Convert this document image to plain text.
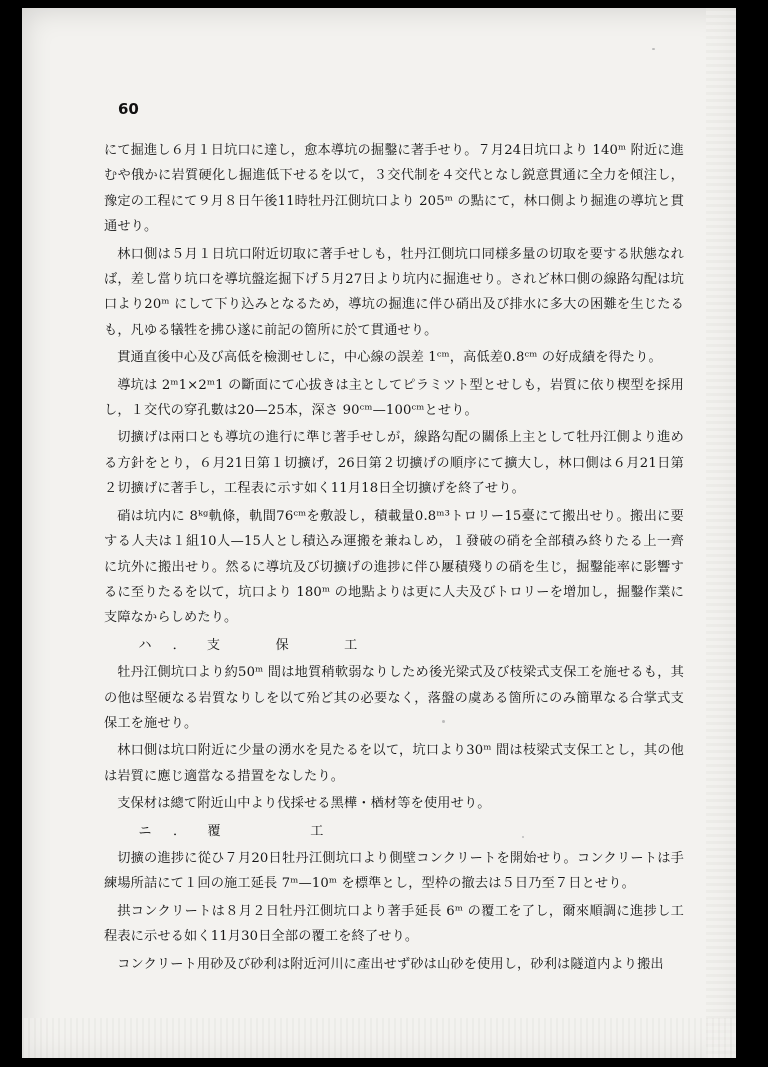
60

にて掘進し６月１日坑口に達し，愈本導坑の掘鑿に著手せり。７月24日坑口より 140ᵐ 附近に進むや俄かに岩質硬化し掘進低下せるを以て，３交代制を４交代となし鋭意貫通に全力を傾注し，豫定の工程にて９月８日午後11時牡丹江側坑口より 205ᵐ の點にて，林口側より掘進の導坑と貫通せり。

林口側は５月１日坑口附近切取に著手せしも，牡丹江側坑口同様多量の切取を要する狀態なれば，差し當り坑口を導坑盤迄掘下げ５月27日より坑内に掘進せり。されど林口側の線路勾配は坑口より20ᵐ にして下り込みとなるため，導坑の掘進に伴ひ硝出及び排水に多大の困難を生じたるも，凡ゆる犠牲を拂ひ遂に前記の箇所に於て貫通せり。

貫通直後中心及び高低を檢測せしに，中心線の誤差 1ᶜᵐ，高低差0.8ᶜᵐ の好成績を得たり。

導坑は 2ᵐ1×2ᵐ1 の斷面にて心拔きは主としてピラミツト型とせしも，岩質に依り楔型を採用し，１交代の穿孔數は20—25本，深さ 90ᶜᵐ—100ᶜᵐとせり。

切擴げは兩口とも導坑の進行に準じ著手せしが，線路勾配の關係上主として牡丹江側より進める方針をとり，６月21日第１切擴げ，26日第２切擴げの順序にて擴大し，林口側は６月21日第２切擴げに著手し，工程表に示す如く11月18日全切擴げを終了せり。

硝は坑内に 8ᵏᵍ軌條，軌間76ᶜᵐを敷設し，積載量0.8ᵐ³トロリー15臺にて搬出せり。搬出に要する人夫は１組10人—15人とし積込み運搬を兼ねしめ，１發破の硝を全部積み終りたる上一齊に坑外に搬出せり。然るに導坑及び切擴げの進捗に伴ひ屢積殘りの硝を生じ，掘鑿能率に影響するに至りたるを以て，坑口より 180ᵐ の地點よりは更に人夫及びトロリーを增加し，掘鑿作業に支障なからしめたり。

ハ．支　保　工

牡丹江側坑口より約50ᵐ 間は地質稍軟弱なりしため後光梁式及び枝梁式支保工を施せるも，其の他は堅硬なる岩質なりしを以て殆ど其の必要なく，落盤の虞ある箇所にのみ簡單なる合掌式支保工を施せり。

林口側は坑口附近に少量の湧水を見たるを以て，坑口より30ᵐ 間は枝梁式支保工とし，其の他は岩質に應じ適當なる措置をなしたり。

支保材は總て附近山中より伐採せる黑樺・楢材等を使用せり。

ニ．覆　　工

切擴の進捗に從ひ７月20日牡丹江側坑口より側壁コンクリートを開始せり。コンクリートは手練場所詰にて１回の施工延長 7ᵐ—10ᵐ を標準とし，型枠の撤去は５日乃至７日とせり。

拱コンクリートは８月２日牡丹江側坑口より著手延長 6ᵐ の覆工を了し，爾來順調に進捗し工程表に示せる如く11月30日全部の覆工を終了せり。

コンクリート用砂及び砂利は附近河川に產出せず砂は山砂を使用し，砂利は隧道内より搬出
